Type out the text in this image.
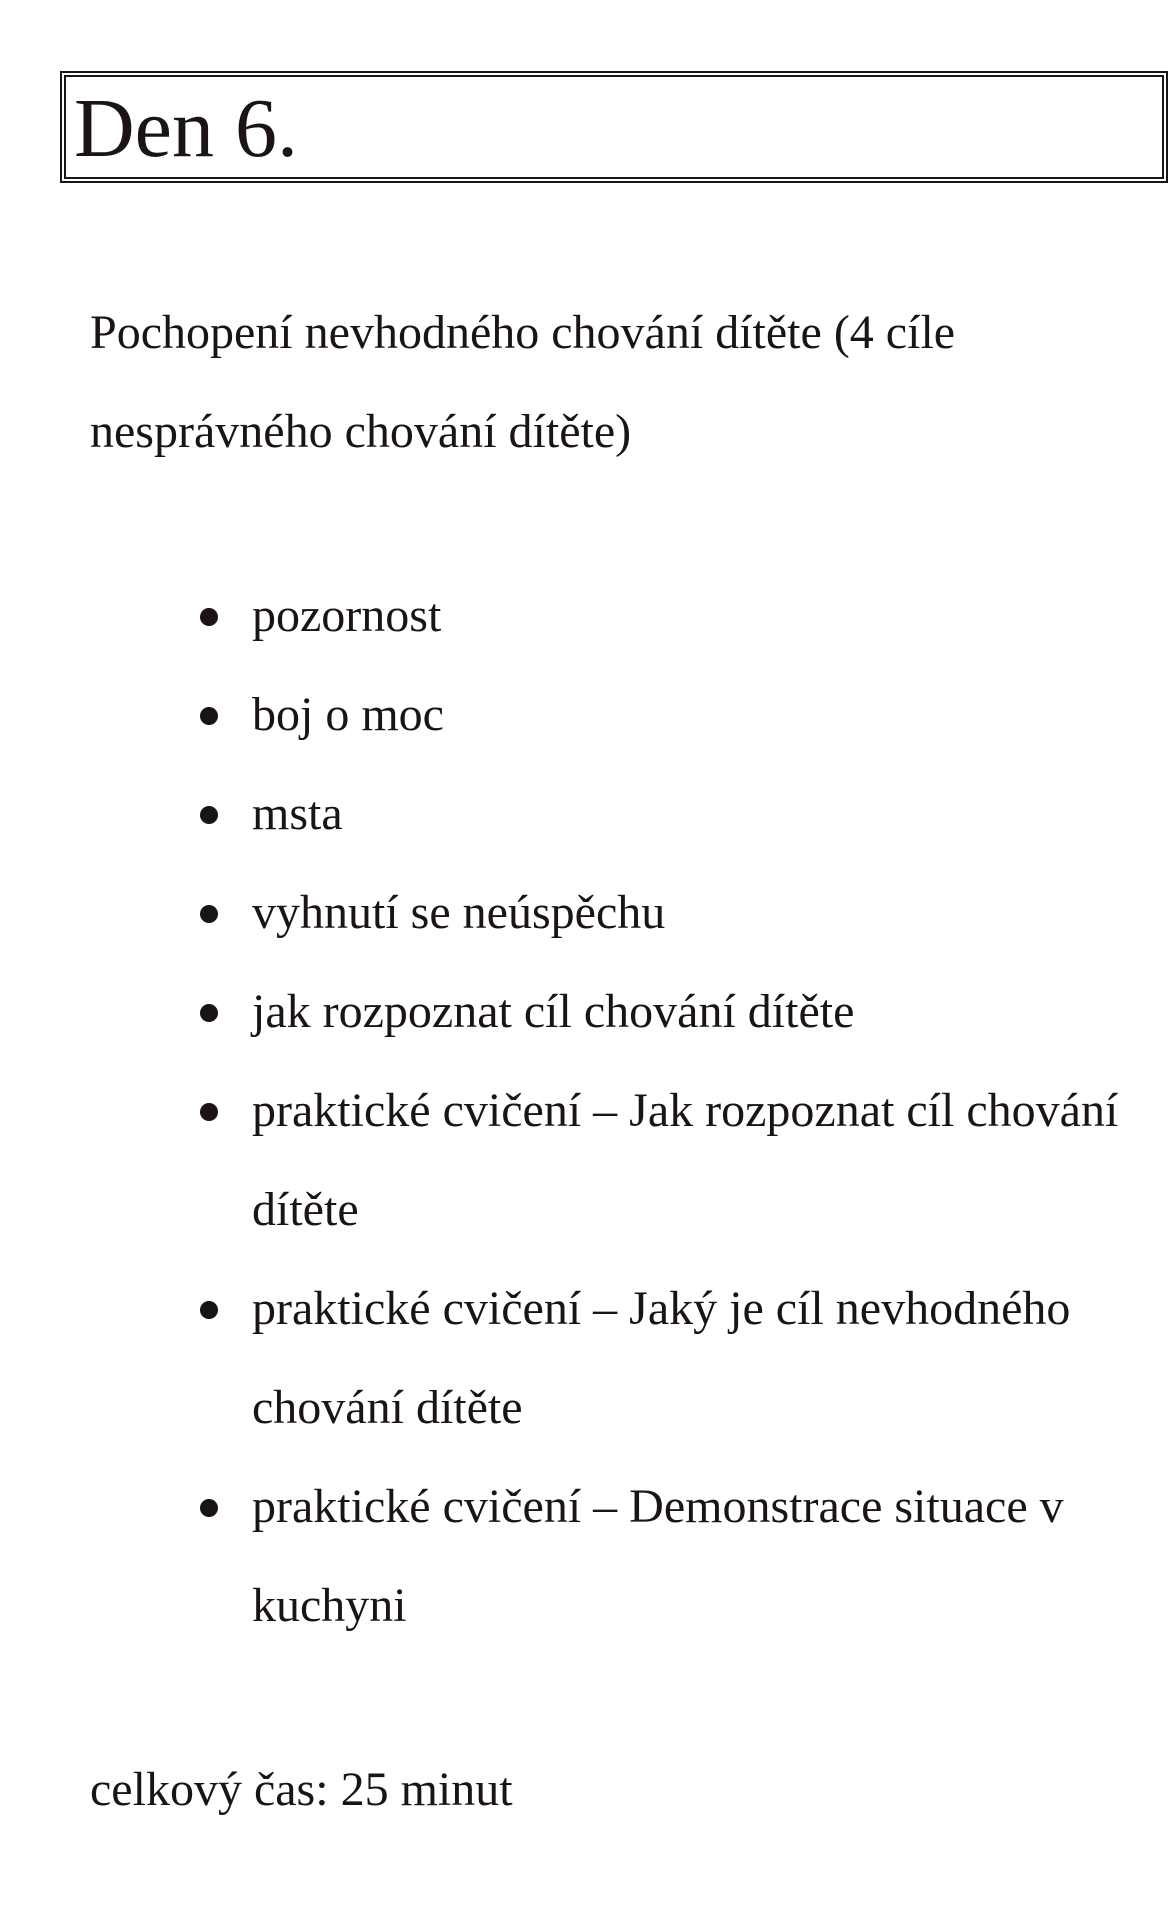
Den 6.

Pochopení nevhodného chování dítěte (4 cíle nesprávného chování dítěte)

pozornost
boj o moc
msta
vyhnutí se neúspěchu
jak rozpoznat cíl chování dítěte
praktické cvičení – Jak rozpoznat cíl chování dítěte
praktické cvičení – Jaký je cíl nevhodného chování dítěte
praktické cvičení – Demonstrace situace v kuchyni

celkový čas: 25 minut
